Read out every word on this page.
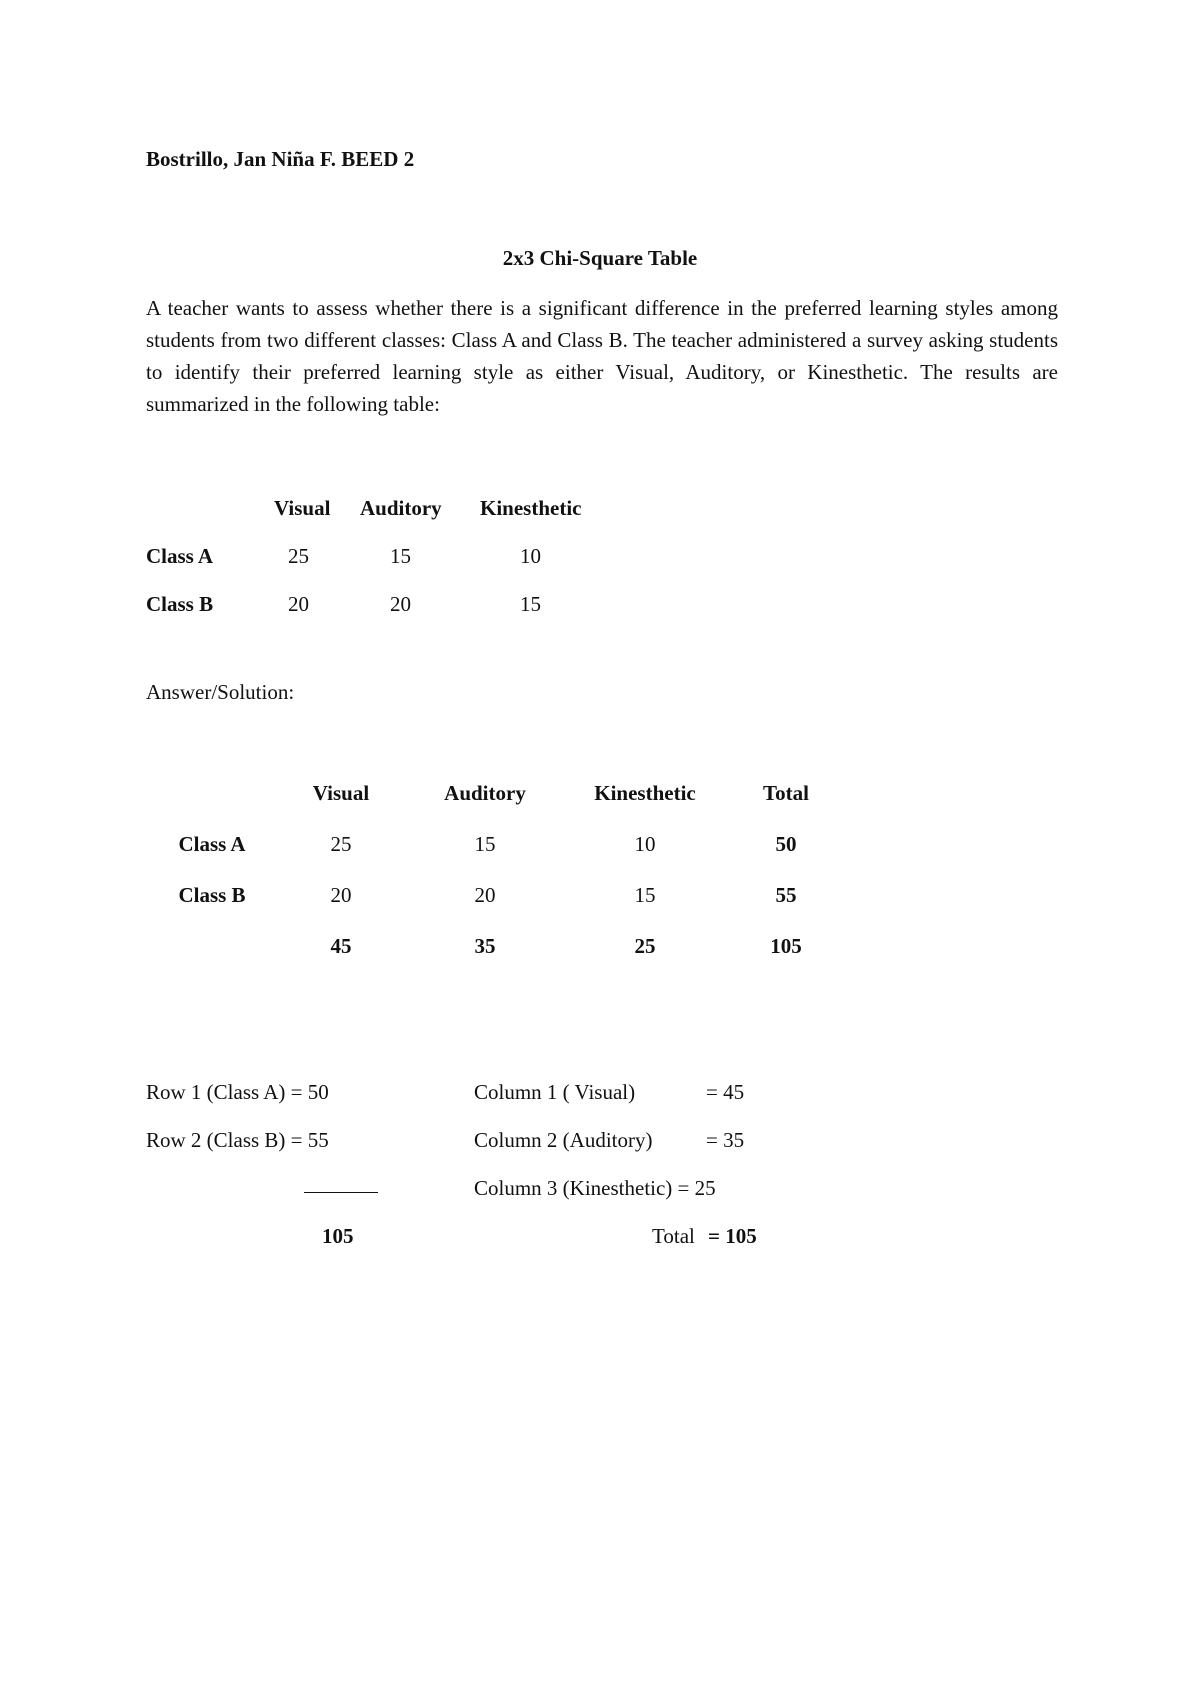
Bostrillo, Jan Niña F. BEED 2
2x3 Chi-Square Table

A teacher wants to assess whether there is a significant difference in the preferred learning styles among students from two different classes: Class A and Class B. The teacher administered a survey asking students to identify their preferred learning style as either Visual, Auditory, or Kinesthetic. The results are summarized in the following table:

	Visual	Auditory	Kinesthetic
Class A	25	15	10
Class B	20	20	15
Answer/Solution:
	Visual	Auditory	Kinesthetic	Total
Class A	25	15	10	50
Class B	20	20	15	55
	45	35	25	105
Row 1 (Class A) = 50
Row 2 (Class B) = 55
105
Column 1 ( Visual)	= 45
Column 2 (Auditory)	= 35
Column 3 (Kinesthetic) = 25
Total = 105
